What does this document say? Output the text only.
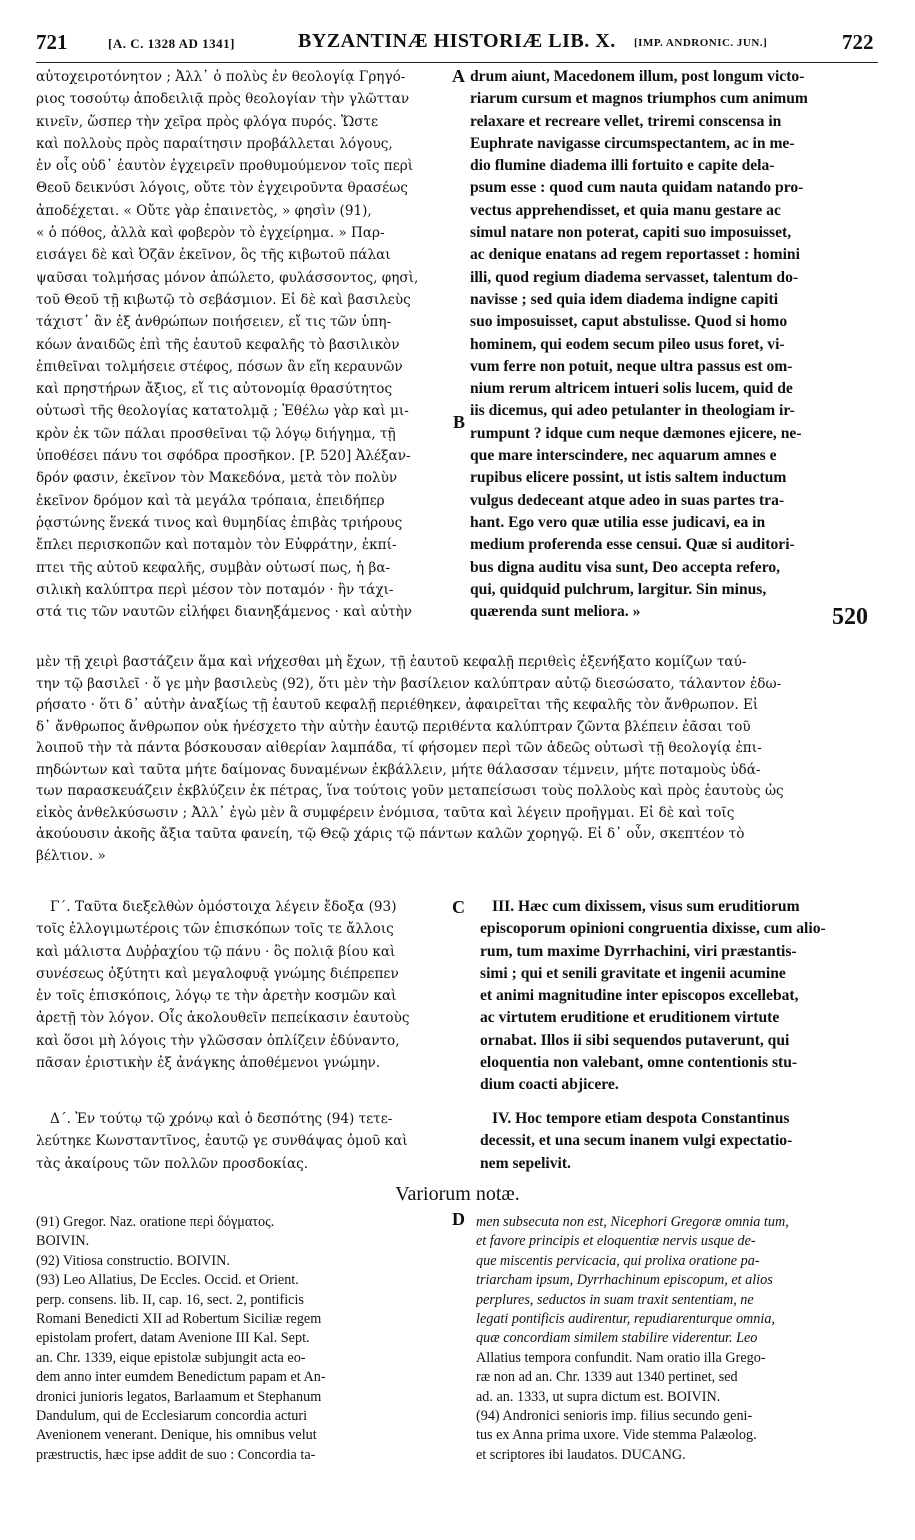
721	[A. C. 1328 AD 1341]	BYZANTINÆ HISTORIÆ LIB. X. [IMP. ANDRONIC. JUN.]	722
αὐτοχειροτόνητον ; Ἀλλ᾽ ὁ πολὺς ἐν θεολογίᾳ Γρηγό-
ριος τοσούτῳ ἀποδειλιᾷ πρὸς θεολογίαν τὴν γλῶτταν
κινεῖν, ὥσπερ τὴν χεῖρα πρὸς φλόγα πυρός. Ὥστε
καὶ πολλοὺς πρὸς παραίτησιν προβάλλεται λόγους,
ἐν οἷς οὐδ᾽ ἑαυτὸν ἐγχειρεῖν προθυμούμενον τοῖς περὶ
Θεοῦ δεικνύσι λόγοις, οὔτε τὸν ἐγχειροῦντα θρασέως
ἀποδέχεται. « Οὔτε γὰρ ἐπαινετὸς, » φησὶν (91),
« ὁ πόθος, ἀλλὰ καὶ φοβερὸν τὸ ἐγχείρημα. » Παρ-
εισάγει δὲ καὶ Ὀζᾶν ἐκεῖνον, ὃς τῆς κιβωτοῦ πάλαι
ψαῦσαι τολμήσας μόνον ἀπώλετο, φυλάσσοντος, φησὶ,
τοῦ Θεοῦ τῇ κιβωτῷ τὸ σεβάσμιον. Εἰ δὲ καὶ βασιλεὺς
τάχιστ᾽ ἂν ἐξ ἀνθρώπων ποιήσειεν, εἴ τις τῶν ὑπη-
κόων ἀναιδῶς ἐπὶ τῆς ἑαυτοῦ κεφαλῆς τὸ βασιλικὸν
ἐπιθεῖναι τολμήσειε στέφος, πόσων ἂν εἴη κεραυνῶν
καὶ πρηστήρων ἄξιος, εἴ τις αὐτονομίᾳ θρασύτητος
οὑτωσὶ τῆς θεολογίας κατατολμᾷ ; Ἐθέλω γὰρ καὶ μι-
κρὸν ἐκ τῶν πάλαι προσθεῖναι τῷ λόγῳ διήγημα, τῇ
ὑποθέσει πάνυ τοι σφόδρα προσῆκον. [P. 520] Ἀλέξαν-
δρόν φασιν, ἐκεῖνον τὸν Μακεδόνα, μετὰ τὸν πολὺν
ἐκεῖνον δρόμον καὶ τὰ μεγάλα τρόπαια, ἐπειδήπερ
ῥᾳστώνης ἕνεκά τινος καὶ θυμηδίας ἐπιβὰς τριήρους
ἔπλει περισκοπῶν καὶ ποταμὸν τὸν Εὐφράτην, ἐκπί-
πτει τῆς αὐτοῦ κεφαλῆς, συμβὰν οὑτωσί πως, ἡ βα-
σιλικὴ καλύπτρα περὶ μέσον τὸν ποταμόν · ἣν τάχι-
στά τις τῶν ναυτῶν εἰλήφει διανηξάμενος · καὶ αὐτὴν
drum aiunt, Macedonem illum, post longum victo-
riarum cursum et magnos triumphos cum animum
relaxare et recreare vellet, triremi conscensa in
Euphrate navigasse circumspectantem, ac in me-
dio flumine diadema illi fortuito e capite dela-
psum esse : quod cum nauta quidam natando pro-
vectus apprehendisset, et quia manu gestare ac
simul natare non poterat, capiti suo imposuisset,
ac denique enatans ad regem reportasset : homini
illi, quod regium diadema servasset, talentum do-
navisse ; sed quia idem diadema indigne capiti
suo imposuisset, caput abstulisse. Quod si homo
hominem, qui eodem secum pileo usus foret, vi-
vum ferre non potuit, neque ultra passus est om-
nium rerum altricem intueri solis lucem, quid de
iis dicemus, qui adeo petulanter in theologiam ir-
rumpunt ? idque cum neque dæmones ejicere, ne-
que mare interscindere, nec aquarum amnes e
rupibus elicere possint, ut istis saltem inductum
vulgus dedeceant atque adeo in suas partes tra-
hant. Ego vero quæ utilia esse judicavi, ea in
medium proferenda esse censui. Quæ si auditori-
bus digna auditu visa sunt, Deo accepta refero,
qui, quidquid pulchrum, largitur. Sin minus,
quærenda sunt meliora. »	520
A
B
C
D
μὲν τῇ χειρὶ βαστάζειν ἅμα καὶ νήχεσθαι μὴ ἔχων, τῇ ἑαυτοῦ κεφαλῇ περιθεὶς ἐξενήξατο κομίζων ταύ-
την τῷ βασιλεῖ · ὅ γε μὴν βασιλεὺς (92), ὅτι μὲν τὴν βασίλειον καλύπτραν αὐτῷ διεσώσατο, τάλαντον ἐδω-
ρήσατο · ὅτι δ᾽ αὐτὴν ἀναξίως τῇ ἑαυτοῦ κεφαλῇ περιέθηκεν, ἀφαιρεῖται τῆς κεφαλῆς τὸν ἄνθρωπον. Εἰ
δ᾽ ἄνθρωπος ἄνθρωπον οὐκ ἠνέσχετο τὴν αὐτὴν ἑαυτῷ περιθέντα καλύπτραν ζῶντα βλέπειν ἐᾶσαι τοῦ
λοιποῦ τὴν τὰ πάντα βόσκουσαν αἰθερίαν λαμπάδα, τί φήσομεν περὶ τῶν ἀδεῶς οὑτωσὶ τῇ θεολογίᾳ ἐπι-
πηδώντων καὶ ταῦτα μήτε δαίμονας δυναμένων ἐκβάλλειν, μήτε θάλασσαν τέμνειν, μήτε ποταμοὺς ὑδά-
των παρασκευάζειν ἐκβλύζειν ἐκ πέτρας, ἵνα τούτοις γοῦν μεταπείσωσι τοὺς πολλοὺς καὶ πρὸς ἑαυτοὺς ὡς
εἰκὸς ἀνθελκύσωσιν ; Ἀλλ᾽ ἐγὼ μὲν ἃ συμφέρειν ἐνόμισα, ταῦτα καὶ λέγειν προῆγμαι. Εἰ δὲ καὶ τοῖς
ἀκούουσιν ἀκοῆς ἄξια ταῦτα φανείη, τῷ Θεῷ χάρις τῷ πάντων καλῶν χορηγῷ. Εἰ δ᾽ οὖν, σκεπτέον τὸ
βέλτιον. »
Γ΄. Ταῦτα διεξελθὼν ὁμόστοιχα λέγειν ἔδοξα (93)
τοῖς ἐλλογιμωτέροις τῶν ἐπισκόπων τοῖς τε ἄλλοις
καὶ μάλιστα Δυῤῥαχίου τῷ πάνυ · ὃς πολιᾷ βίου καὶ
συνέσεως ὀξύτητι καὶ μεγαλοφυᾷ γνώμης διέπρεπεν
ἐν τοῖς ἐπισκόποις, λόγῳ τε τὴν ἀρετὴν κοσμῶν καὶ
ἀρετῇ τὸν λόγον. Οἷς ἀκολουθεῖν πεπείκασιν ἑαυτοὺς
καὶ ὅσοι μὴ λόγοις τὴν γλῶσσαν ὁπλίζειν ἐδύναντο,
πᾶσαν ἐριστικὴν ἐξ ἀνάγκης ἀποθέμενοι γνώμην.
III. Hæc cum dixissem, visus sum eruditiorum
episcoporum opinioni congruentia dixisse, cum alio-
rum, tum maxime Dyrrhachini, viri præstantis-
simi ; qui et senili gravitate et ingenii acumine
et animi magnitudine inter episcopos excellebat,
ac virtutem eruditione et eruditionem virtute
ornabat. Illos ii sibi sequendos putaverunt, qui
eloquentia non valebant, omne contentionis stu-
dium coacti abjicere.
Δ΄. Ἐν τούτῳ τῷ χρόνῳ καὶ ὁ δεσπότης (94) τετε-
λεύτηκε Κωνσταντῖνος, ἑαυτῷ γε συνθάψας ὁμοῦ καὶ
τὰς ἀκαίρους τῶν πολλῶν προσδοκίας.
IV. Hoc tempore etiam despota Constantinus
decessit, et una secum inanem vulgi expectatio-
nem sepelivit.
Variorum notæ.
(91) Gregor. Naz. oratione περὶ δόγματος.
BOIVIN.
(92) Vitiosa constructio. BOIVIN.
(93) Leo Allatius, De Eccles. Occid. et Orient.
perp. consens. lib. II, cap. 16, sect. 2, pontificis
Romani Benedicti XII ad Robertum Siciliæ regem
epistolam profert, datam Avenione III Kal. Sept.
an. Chr. 1339, eique epistolæ subjungit acta eo-
dem anno inter eumdem Benedictum papam et An-
dronici junioris legatos, Barlaamum et Stephanum
Dandulum, qui de Ecclesiarum concordia acturi
Avenionem venerant. Denique, his omnibus velut
præstructis, hæc ipse addit de suo : Concordia ta-
men subsecuta non est, Nicephori Gregoræ omnia tum,
et favore principis et eloquentiæ nervis usque de-
que miscentis pervicacia, qui prolixa oratione pa-
triarcham ipsum, Dyrrhachinum episcopum, et alios
perplures, seductos in suam traxit sententiam, ne
legati pontificis audirentur, repudiarenturque omnia,
quæ concordiam similem stabilire viderentur. Leo
Allatius tempora confundit. Nam oratio illa Grego-
ræ non ad an. Chr. 1339 aut 1340 pertinet, sed
ad. an. 1333, ut supra dictum est. BOIVIN.
(94) Andronici senioris imp. filius secundo geni-
tus ex Anna prima uxore. Vide stemma Palæolog.
et scriptores ibi laudatos. DUCANG.
